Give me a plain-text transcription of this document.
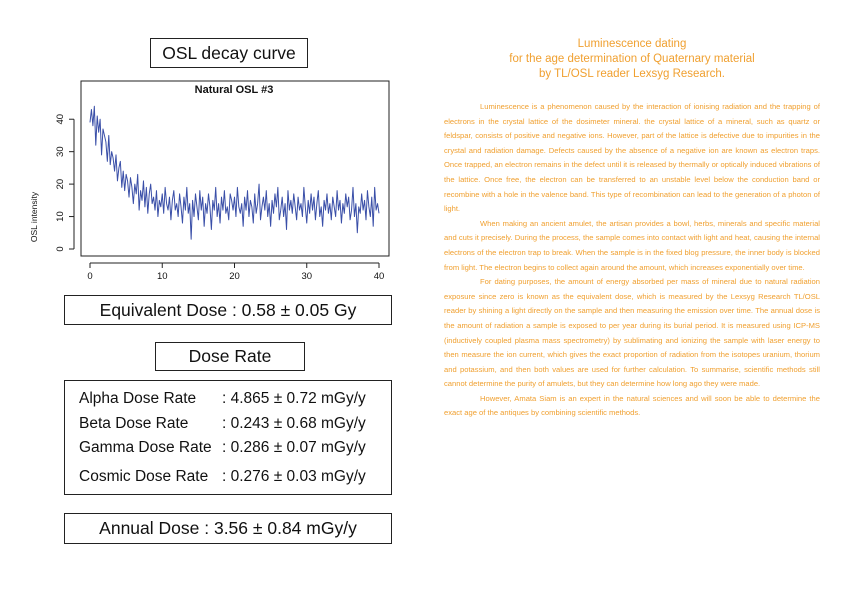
OSL decay curve
Natural OSL #3
OSL intensity
0	10	20	30	40
0
10
20
30
40
Equivalent Dose : 0.58 ± 0.05 Gy
Dose Rate
Alpha Dose Rate : 4.865 ± 0.72 mGy/y
Beta Dose Rate : 0.243 ± 0.68 mGy/y
Gamma Dose Rate : 0.286 ± 0.07 mGy/y
Cosmic Dose Rate : 0.276 ± 0.03 mGy/y
Annual Dose : 3.56 ± 0.84 mGy/y
Luminescence dating
for the age determination of Quaternary material
by TL/OSL reader Lexsyg Research.

Luminescence is a phenomenon caused by the interaction of ionising radiation and the trapping of electrons in the crystal lattice of the dosimeter mineral. the crystal lattice of a mineral, such as quartz or feldspar, consists of positive and negative ions. However, part of the lattice is defective due to impurities in the crystal and radiation damage. Defects caused by the absence of a negative ion are known as electron traps. Once trapped, an electron remains in the defect until it is released by thermally or optically induced vibrations of the lattice. Once free, the electron can be transferred to an unstable level below the conduction band or recombine with a hole in the valence band. This type of recombination can lead to the generation of a photon of light.

When making an ancient amulet, the artisan provides a bowl, herbs, minerals and specific material and cuts it precisely. During the process, the sample comes into contact with light and heat, causing the internal electrons of the electron trap to break. When the sample is in the fixed blog pressure, the inner body is blocked from light. The electron begins to collect again around the amount, which increases exponentially over time.

For dating purposes, the amount of energy absorbed per mass of mineral due to natural radiation exposure since zero is known as the equivalent dose, which is measured by the Lexsyg Research TL/OSL reader by shining a light directly on the sample and then measuring the emission over time. The annual dose is the amount of radiation a sample is exposed to per year during its burial period. It is measured using ICP-MS (inductively coupled plasma mass spectrometry) by sublimating and ionizing the sample with laser energy to then measure the ion current, which gives the exact proportion of radiation from the isotopes uranium, thorium and potassium, and then both values are used for further calculation. To summarise, scientific methods still cannot determine the purity of amulets, but they can determine how long ago they were made.

However, Amata Siam is an expert in the natural sciences and will soon be able to determine the exact age of the antiques by combining scientific methods.
